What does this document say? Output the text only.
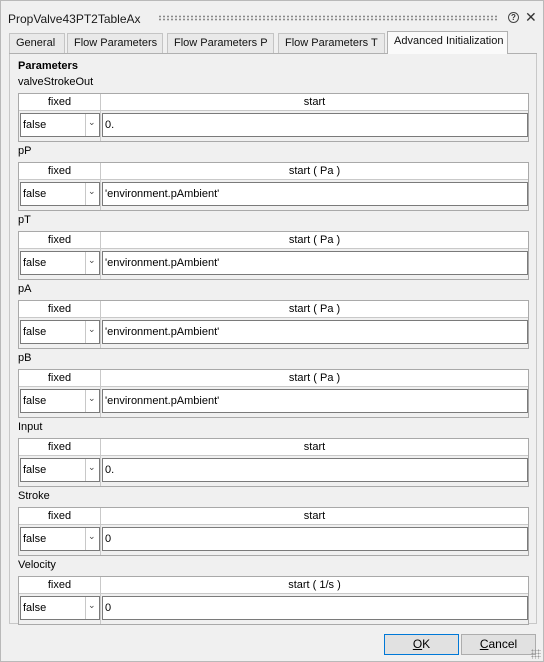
PropValve43PT2TableAx	? ✕
General	Flow Parameters	Flow Parameters P	Flow Parameters T	Advanced Initialization
Parameters
valveStrokeOut
fixed	start
false	⌄ 0.
pP
fixed	start ( Pa )
false	⌄ 'environment.pAmbient'
pT
fixed	start ( Pa )
false	⌄ 'environment.pAmbient'
pA
fixed	start ( Pa )
false	⌄ 'environment.pAmbient'
pB
fixed	start ( Pa )
false	⌄ 'environment.pAmbient'
Input
fixed	start
false	⌄ 0.
Stroke
fixed	start
false	⌄ 0
Velocity
fixed	start ( 1/s )
false	⌄ 0
OK	Cancel
